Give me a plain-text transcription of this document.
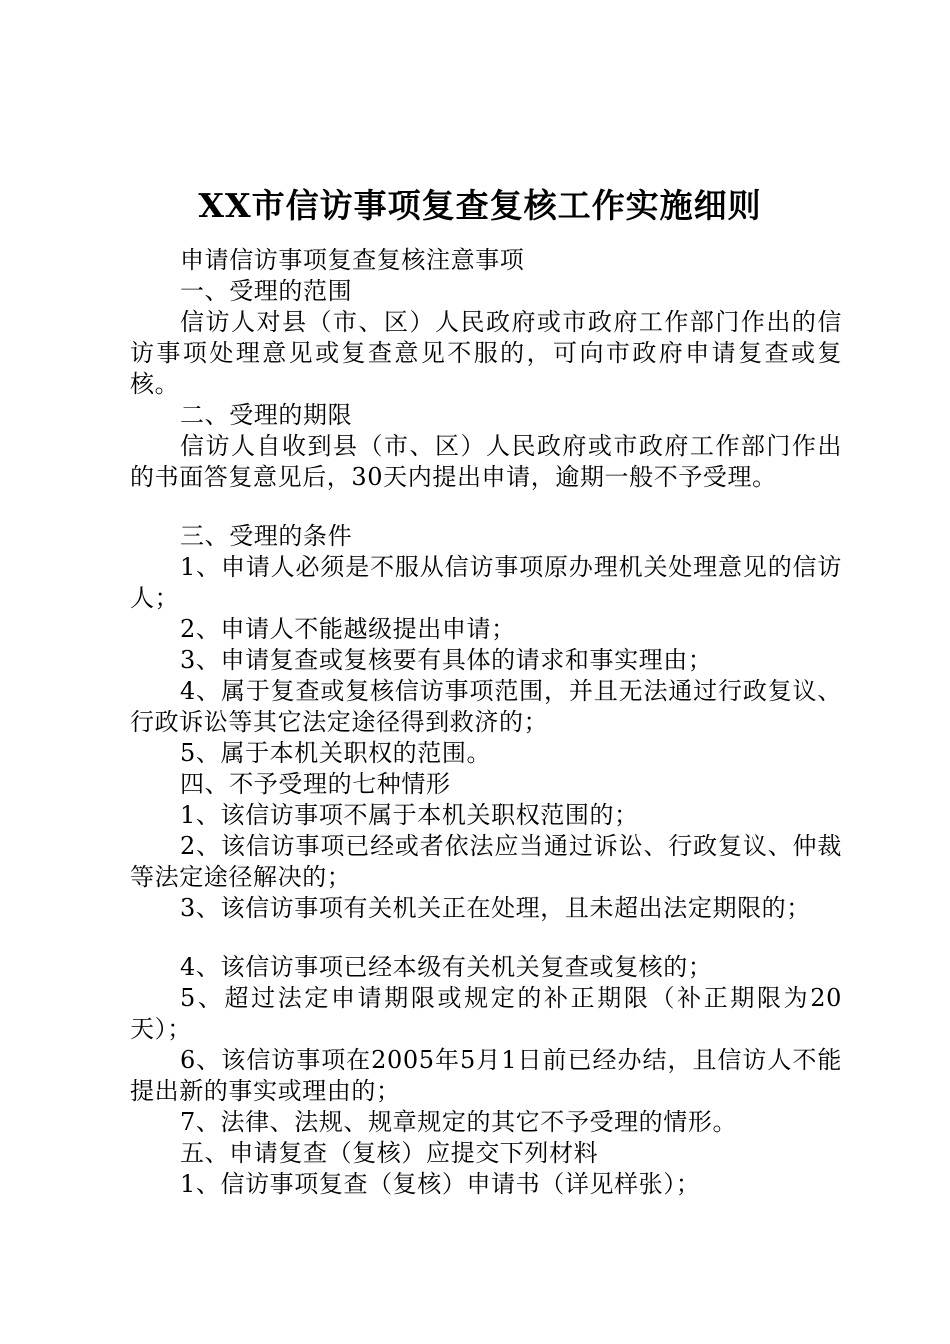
XX市信访事项复查复核工作实施细则

申请信访事项复查复核注意事项

一、受理的范围

信访人对县（市、区）人民政府或市政府工作部门作出的信访事项处理意见或复查意见不服的，可向市政府申请复查或复核。

二、受理的期限

信访人自收到县（市、区）人民政府或市政府工作部门作出的书面答复意见后，30天内提出申请，逾期一般不予受理。

三、受理的条件

1、申请人必须是不服从信访事项原办理机关处理意见的信访人；

2、申请人不能越级提出申请；

3、申请复查或复核要有具体的请求和事实理由；

4、属于复查或复核信访事项范围，并且无法通过行政复议、行政诉讼等其它法定途径得到救济的；

5、属于本机关职权的范围。

四、不予受理的七种情形

1、该信访事项不属于本机关职权范围的；

2、该信访事项已经或者依法应当通过诉讼、行政复议、仲裁等法定途径解决的；

3、该信访事项有关机关正在处理，且未超出法定期限的；

4、该信访事项已经本级有关机关复查或复核的；

5、超过法定申请期限或规定的补正期限（补正期限为20天）；

6、该信访事项在2005年5月1日前已经办结，且信访人不能提出新的事实或理由的；

7、法律、法规、规章规定的其它不予受理的情形。

五、申请复查（复核）应提交下列材料

1、信访事项复查（复核）申请书（详见样张）；
